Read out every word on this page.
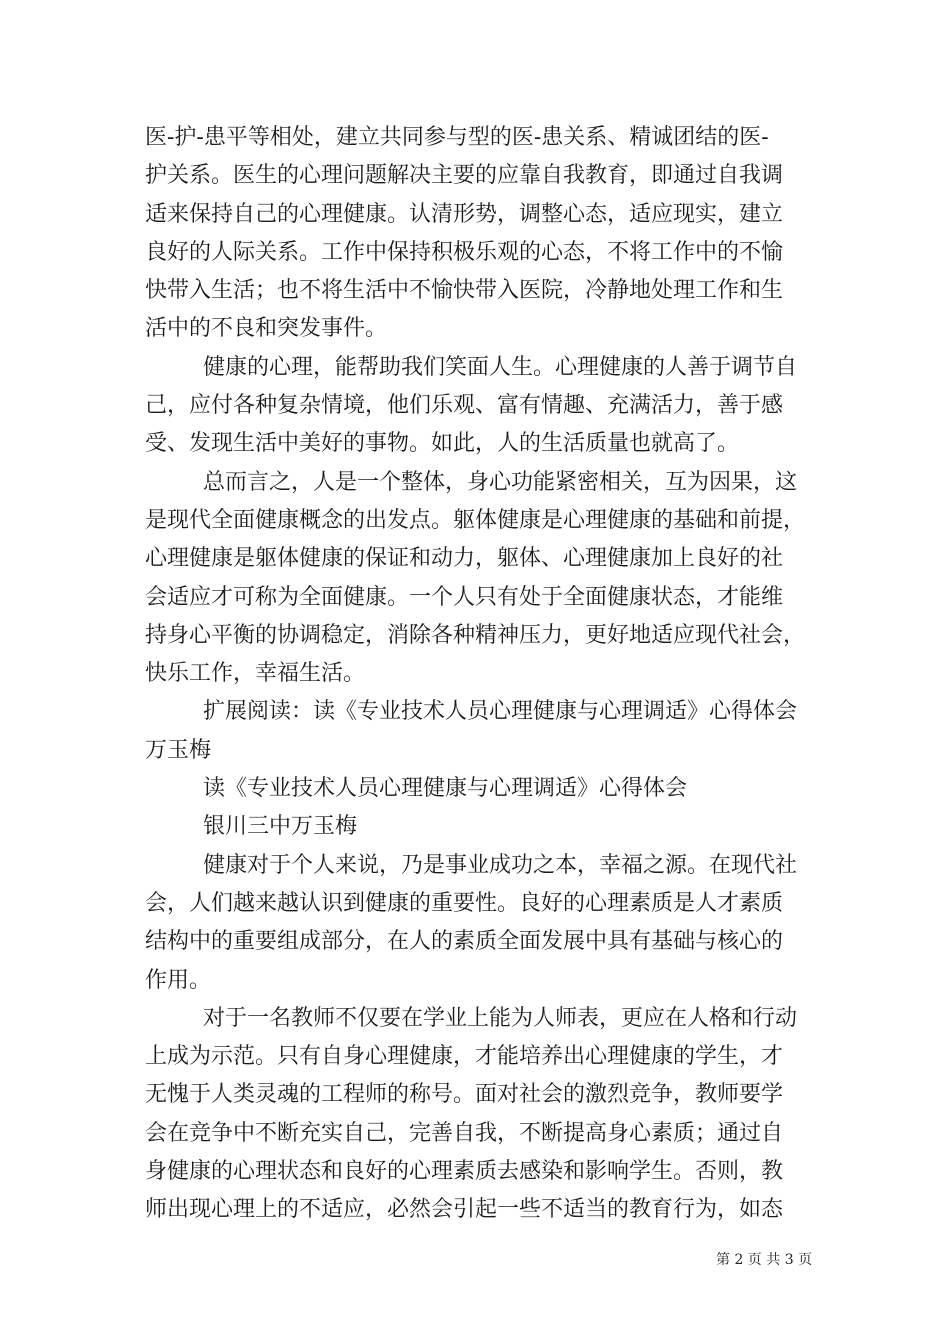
医-护-患平等相处，建立共同参与型的医-患关系、精诚团结的医-
护关系。医生的心理问题解决主要的应靠自我教育，即通过自我调
适来保持自己的心理健康。认清形势，调整心态，适应现实，建立
良好的人际关系。工作中保持积极乐观的心态，不将工作中的不愉
快带入生活；也不将生活中不愉快带入医院，冷静地处理工作和生
活中的不良和突发事件。
健康的心理，能帮助我们笑面人生。心理健康的人善于调节自
己，应付各种复杂情境，他们乐观、富有情趣、充满活力，善于感
受、发现生活中美好的事物。如此，人的生活质量也就高了。
总而言之，人是一个整体，身心功能紧密相关，互为因果，这
是现代全面健康概念的出发点。躯体健康是心理健康的基础和前提，
心理健康是躯体健康的保证和动力，躯体、心理健康加上良好的社
会适应才可称为全面健康。一个人只有处于全面健康状态，才能维
持身心平衡的协调稳定，消除各种精神压力，更好地适应现代社会，
快乐工作，幸福生活。
扩展阅读：读《专业技术人员心理健康与心理调适》心得体会
万玉梅
读《专业技术人员心理健康与心理调适》心得体会
银川三中万玉梅
健康对于个人来说，乃是事业成功之本，幸福之源。在现代社
会，人们越来越认识到健康的重要性。良好的心理素质是人才素质
结构中的重要组成部分，在人的素质全面发展中具有基础与核心的
作用。
对于一名教师不仅要在学业上能为人师表，更应在人格和行动
上成为示范。只有自身心理健康，才能培养出心理健康的学生，才
无愧于人类灵魂的工程师的称号。面对社会的激烈竞争，教师要学
会在竞争中不断充实自己，完善自我，不断提高身心素质；通过自
身健康的心理状态和良好的心理素质去感染和影响学生。否则，教
师出现心理上的不适应，必然会引起一些不适当的教育行为，如态
第 2 页 共 3 页
